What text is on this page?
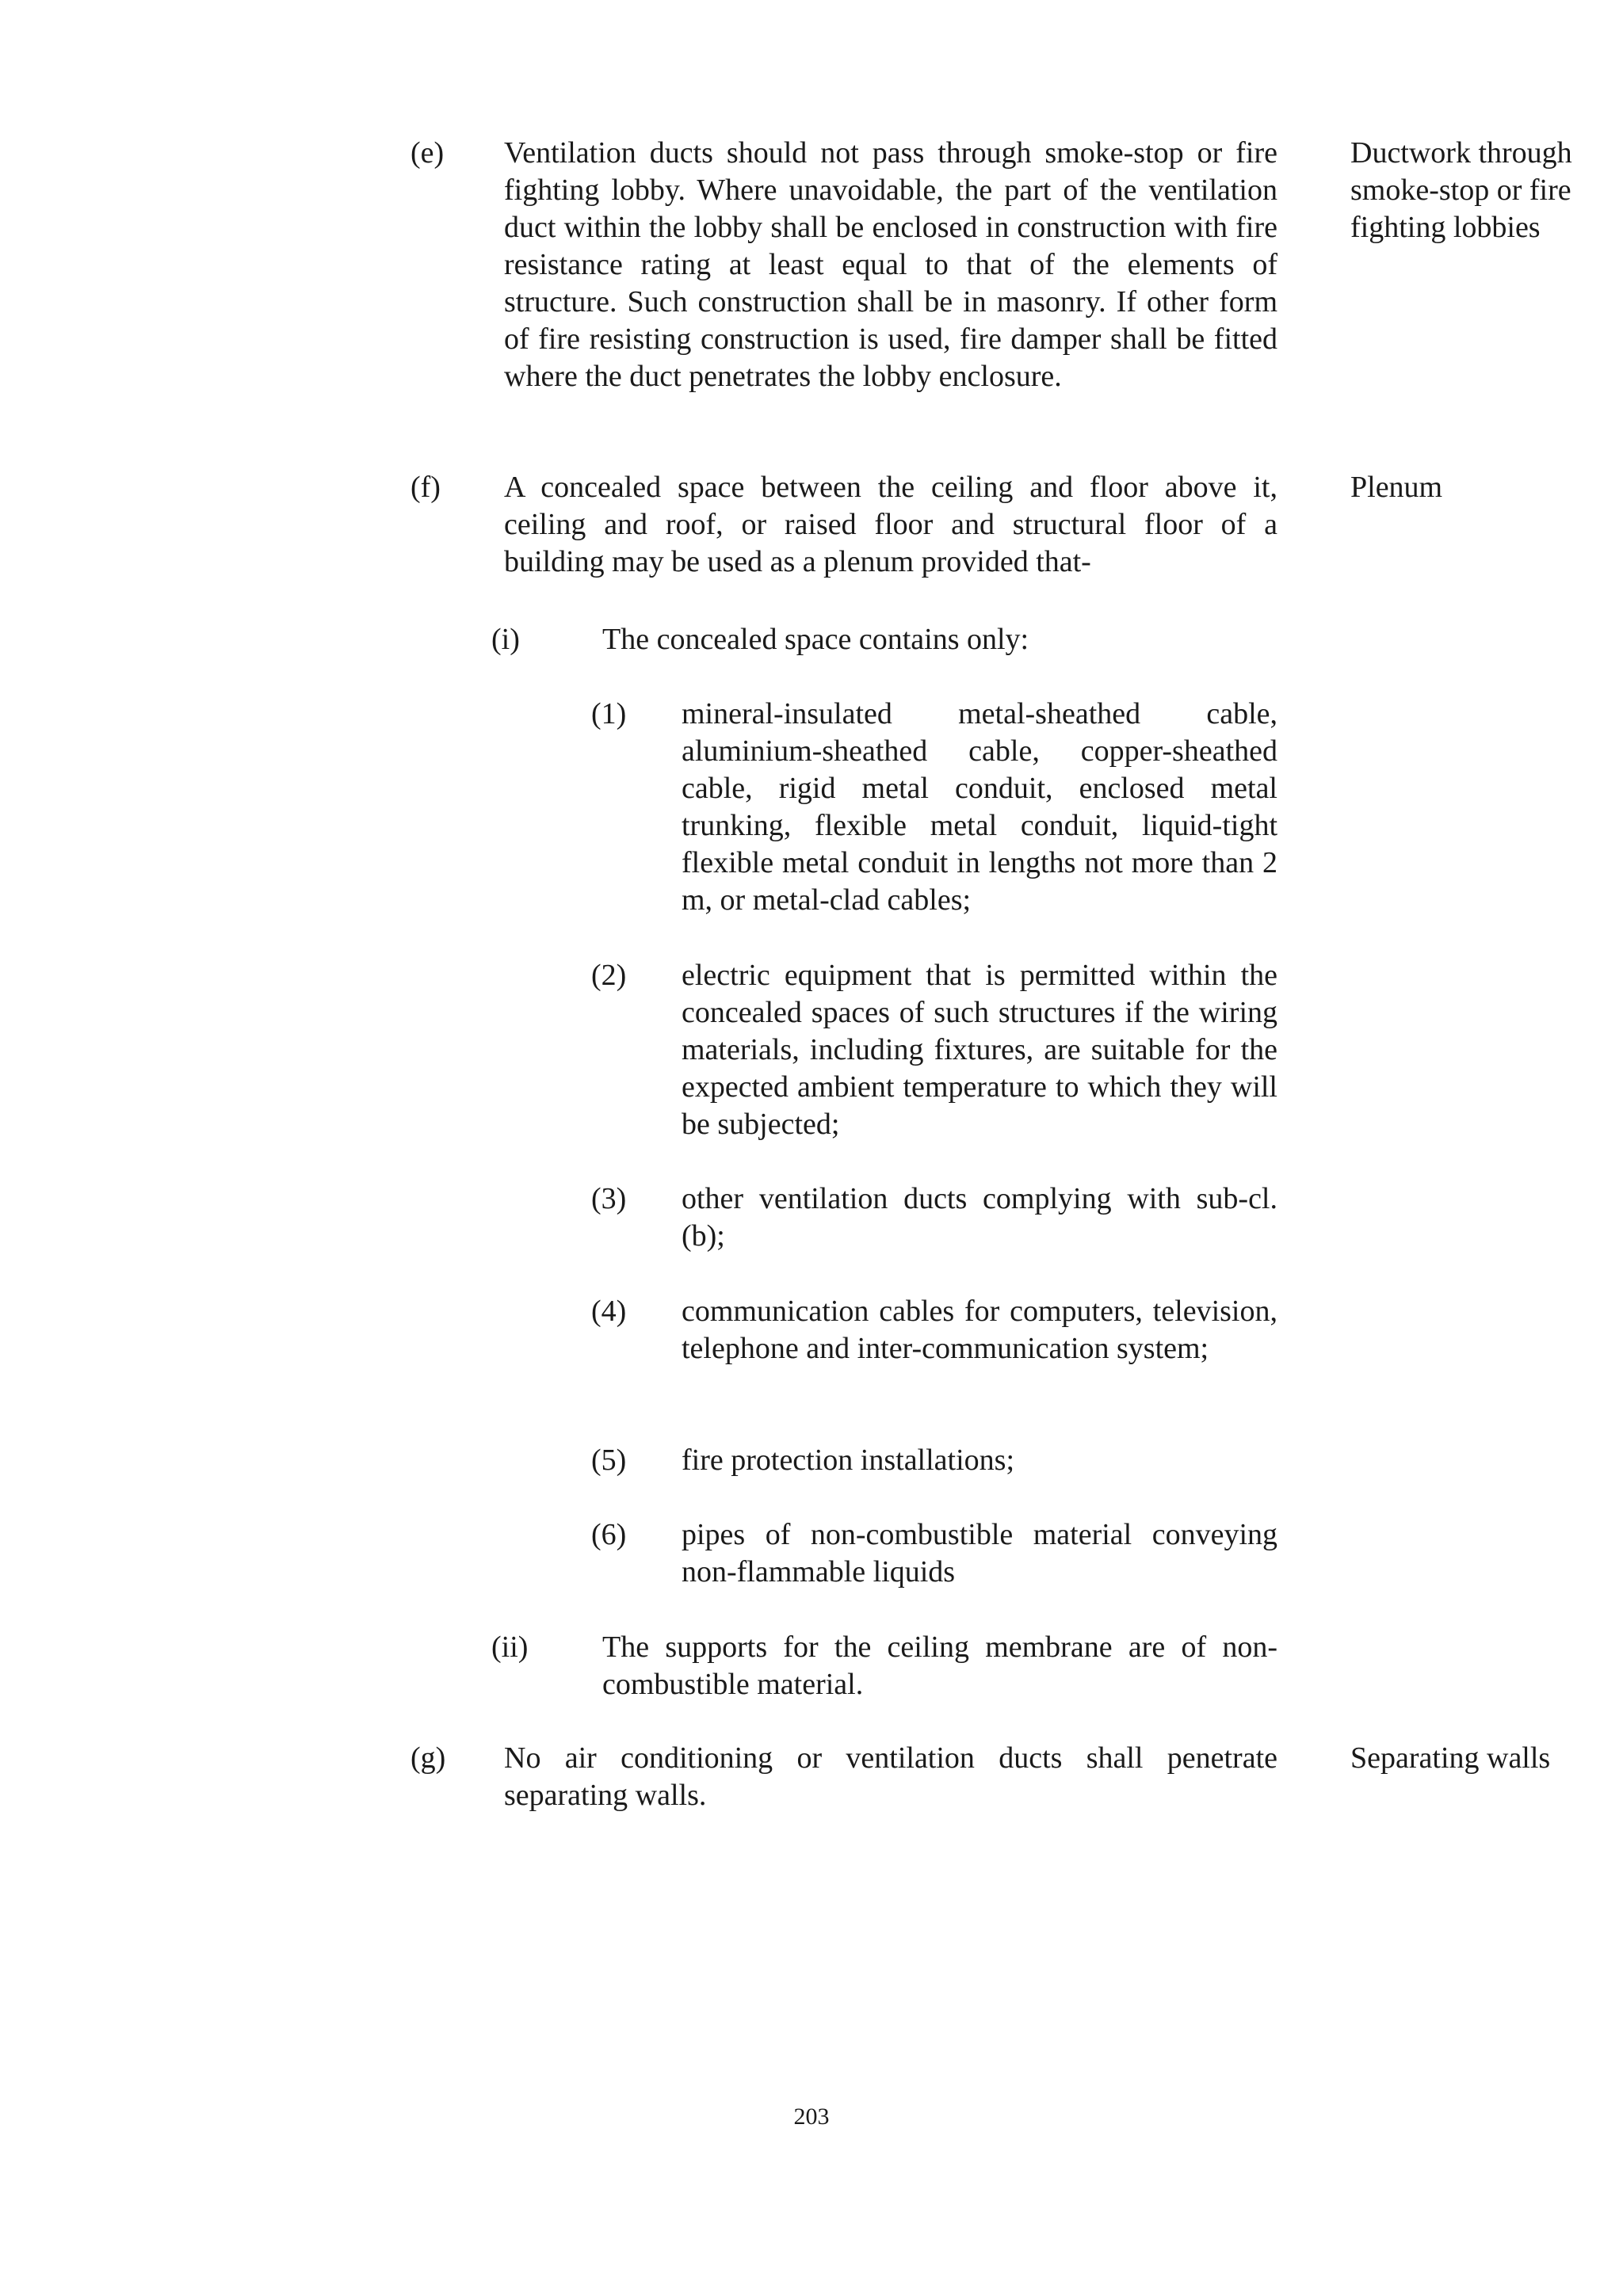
(e) Ventilation ducts should not pass through smoke-stop or fire fighting lobby. Where unavoidable, the part of the ventilation duct within the lobby shall be enclosed in construction with fire resistance rating at least equal to that of the elements of structure. Such construction shall be in masonry. If other form of fire resisting construction is used, fire damper shall be fitted where the duct penetrates the lobby enclosure.

Ductwork through smoke-stop or fire fighting lobbies

(f) A concealed space between the ceiling and floor above it, ceiling and roof, or raised floor and structural floor of a building may be used as a plenum provided that-

Plenum

(i)	The concealed space contains only:

(1) mineral-insulated metal-sheathed cable, aluminium-sheathed cable, copper-sheathed cable, rigid metal conduit, enclosed metal trunking, flexible metal conduit, liquid-tight flexible metal conduit in lengths not more than 2 m, or metal-clad cables;

(2) electric equipment that is permitted within the concealed spaces of such structures if the wiring materials, including fixtures, are suitable for the expected ambient temperature to which they will be subjected;

(3) other ventilation ducts complying with sub-cl. (b);

(4) communication cables for computers, television, telephone and inter-communication system;

(5) fire protection installations;

(6) pipes of non-combustible material conveying non-flammable liquids

(ii) The supports for the ceiling membrane are of non-combustible material.

(g) No air conditioning or ventilation ducts shall penetrate separating walls.

Separating walls

203
